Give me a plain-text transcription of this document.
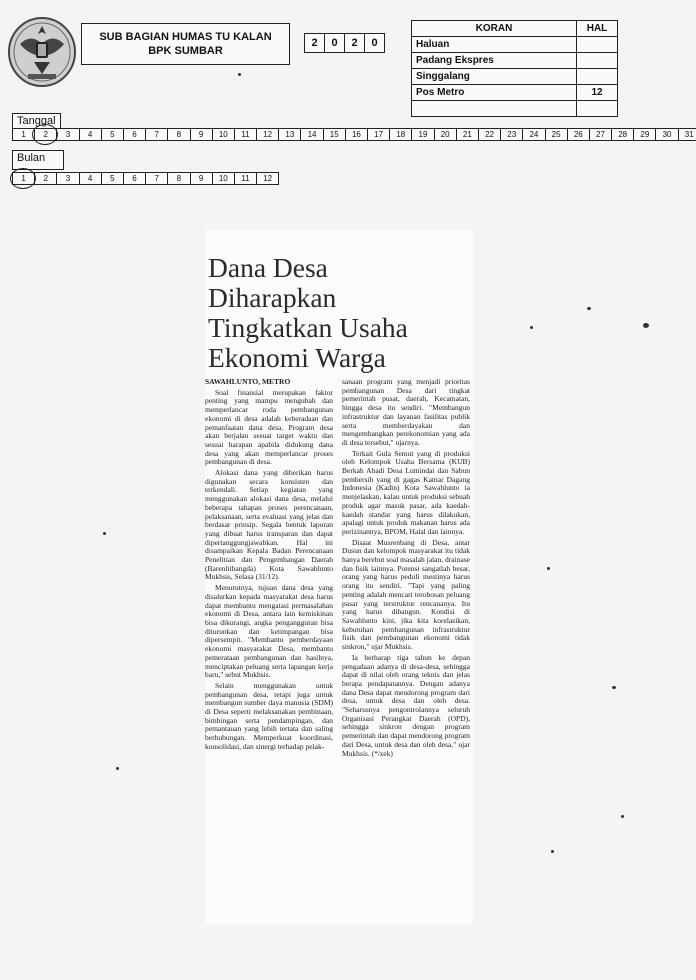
SUB BAGIAN HUMAS TU KALAN
BPK SUMBAR
2	0	2	0
KORAN	HAL
Haluan	
Padang Ekspres	
Singgalang	
Pos Metro	12

Tanggal
1	2	3	4	5	6	7	8	9	10	11	12	13	14	15	16	17	18	19	20	21	22	23	24	25	26	27	28	29	30	31
Bulan
1	2	3	4	5	6	7	8	9	10	11	12
Dana Desa
Diharapkan
Tingkatkan Usaha
Ekonomi Warga

SAWAHLUNTO, METRO

Soal finansial merupakan faktor penting yang mampu mengubah dan memperlancar roda pembangunan ekonomi di desa adalah keberadaan dan pemanfaatan dana desa. Program desa akan berjalan sesuai target waktu dan sesuai harapan apabila didukung dana desa yang akan memperlancar proses pembangunan di desa.

Alokasi dana yang diberikan harus digunakan secara konsisten dan terkendali. Setiap kegiatan yang menggunakan alokasi dana desa, melalui beberapa tahapan proses perencanaan, pelaksanaan, serta evaluasi yang jelas dan berdasar prinsip. Segala bentuk laporan yang dibuat harus transparan dan dapat dipertanggungjawabkan. Hal ini disampaikan Kepala Badan Perencanaan Penelitian dan Pengembangan Daerah (Barenlitbangda) Kota Sawahlunto Mukhsis, Selasa (31/12).

Menurutnya, tujuan dana desa yang disalurkan kepada masyarakat desa harus dapat membantu mengatasi permasalahan ekonomi di Desa, antara lain kemiskinan bisa dikurangi, angka pengangguran bisa diturunkan dan ketimpangan bisa dipersempit. "Membantu pemberdayaan ekonomi masyarakat Desa, membantu pemerataan pembangunan dan hasilnya, menciptakan peluang serta lapangan kerja baru," sebut Mukhsis.

Selain menggunakan untuk pembangunan desa, tetapi juga untuk membangun sumber daya manusia (SDM) di Desa seperti melaksanakan pembinaan, bimbingan serta pendampingan, dan pemantauan yang lebih tertata dan saling berhubungan. Memperkuat koordinasi, konsolidasi, dan sinergi terhadap pelak-

sanaan program yang menjadi prioritas pembangunan Desa dari tingkat pemerintah pusat, daerah, Kecamatan, hingga desa itu sendiri. "Membangun infrastruktur dan layanan fasilitas publik serta memberdayakan dan mengembangkan perekonomian yang ada di desa tersebut," ujarnya.

Terkait Gula Semut yang di produksi oleh Kelompok Usaha Bersama (KUB) Berkah Abadi Desa Lumindai dan Sabun pembersih yang di gagas Kamar Dagang Indonesia (Kadin) Kota Sawahlunto ia menjelaskan, kalau untuk produksi sebuah produk agar masuk pasar, ada kaedah-kaedah standar yang harus dilakukan, apalagi untuk produk makanan harus ada perizinannya, BPOM, Halal dan lainnya.

Disaat Musrenbang di Desa, antar Dusun dan kelompok masyarakat itu tidak hanya berebut soal masalah jalan, drainase dan fisik lainnya. Potensi sangatlah besar, orang yang harus peduli mestinya harus orang itu sendiri. "Tapi yang paling penting adalah mencari terobosan peluang pasar yang terstruktur rencananya. Itu yang harus dibangun. Kondisi di Sawahlunto kini, jika kita korelasikan, kebutuhan pembangunan infrastruktur fisik dan pembangunan ekonomi tidak sinkron," ujar Mukhsis.

Ia berharap tiga tahun ke depan pengadaan adanya di desa-desa, sehingga dapat di nilai oleh orang teknis dan jelas berapa pendapatannya. Dengan adanya dana Desa dapat mendorong program dari desa, untuk desa dan oleh desa. "Seharusnya pengontrolannya seluruh Organisasi Perangkat Daerah (OPD), sehingga sinkron dengan program pemerintah dan dapat mendorong program dari Desa, untuk desa dan oleh desa," ujar Mukhsis. (*/zek)
